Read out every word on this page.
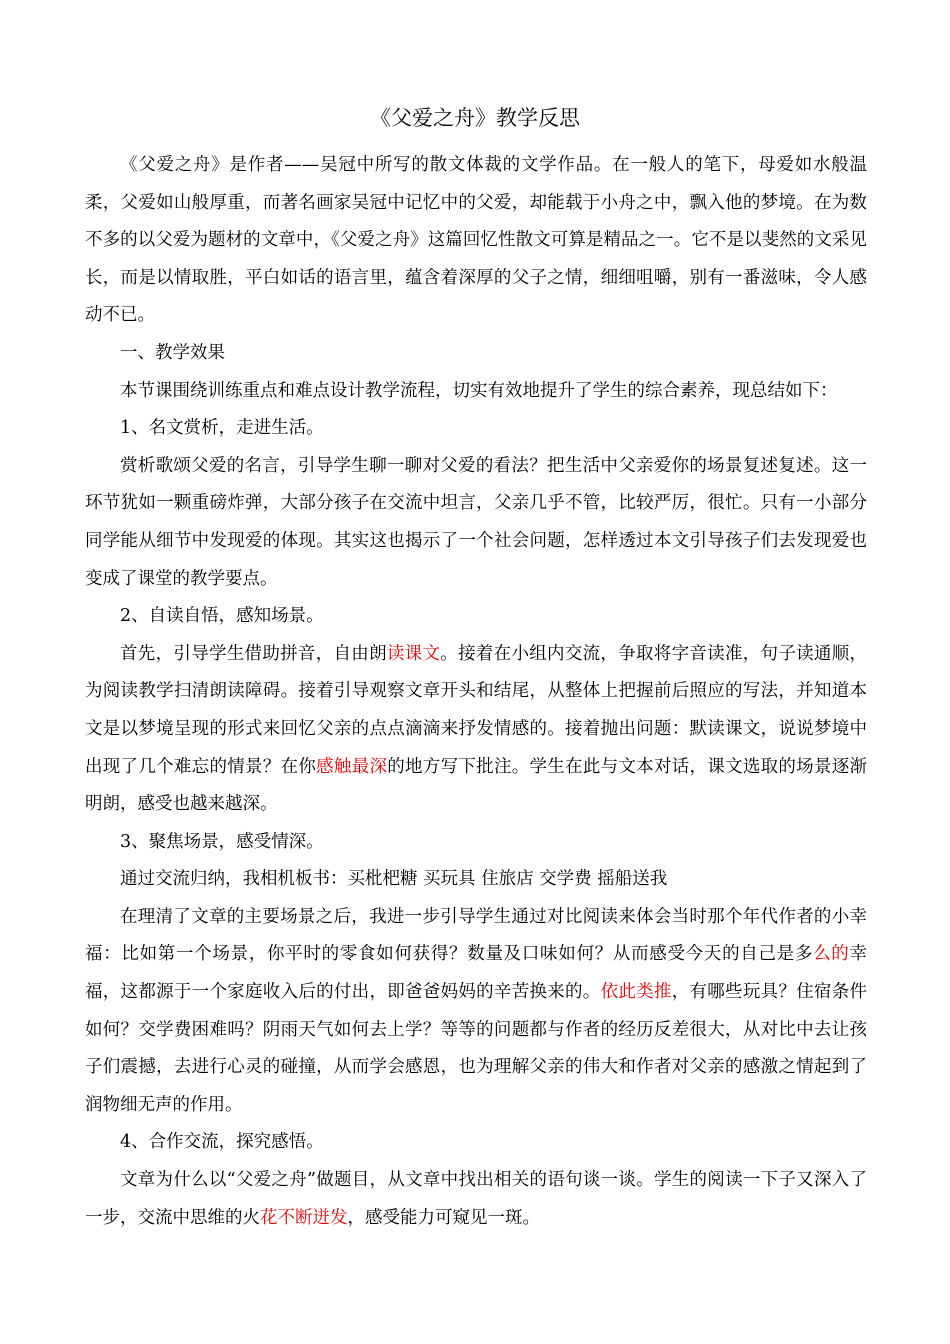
《父爱之舟》教学反思

《父爱之舟》是作者——吴冠中所写的散文体裁的文学作品。在一般人的笔下，母爱如水般温柔，父爱如山般厚重，而著名画家吴冠中记忆中的父爱，却能载于小舟之中，飘入他的梦境。在为数不多的以父爱为题材的文章中，《父爱之舟》这篇回忆性散文可算是精品之一。它不是以斐然的文采见长，而是以情取胜，平白如话的语言里，蕴含着深厚的父子之情，细细咀嚼，别有一番滋味，令人感动不已。

一、教学效果

本节课围绕训练重点和难点设计教学流程，切实有效地提升了学生的综合素养，现总结如下：

1、名文赏析，走进生活。

赏析歌颂父爱的名言，引导学生聊一聊对父爱的看法？把生活中父亲爱你的场景复述复述。这一环节犹如一颗重磅炸弹，大部分孩子在交流中坦言，父亲几乎不管，比较严厉，很忙。只有一小部分同学能从细节中发现爱的体现。其实这也揭示了一个社会问题，怎样透过本文引导孩子们去发现爱也变成了课堂的教学要点。

2、自读自悟，感知场景。

首先，引导学生借助拼音，自由朗读课文。接着在小组内交流，争取将字音读准，句子读通顺，为阅读教学扫清朗读障碍。接着引导观察文章开头和结尾，从整体上把握前后照应的写法，并知道本文是以梦境呈现的形式来回忆父亲的点点滴滴来抒发情感的。接着抛出问题：默读课文，说说梦境中出现了几个难忘的情景？在你感触最深的地方写下批注。学生在此与文本对话，课文选取的场景逐渐明朗，感受也越来越深。

3、聚焦场景，感受情深。

通过交流归纳，我相机板书：买枇杷糖 买玩具 住旅店 交学费 摇船送我

在理清了文章的主要场景之后，我进一步引导学生通过对比阅读来体会当时那个年代作者的小幸福：比如第一个场景，你平时的零食如何获得？数量及口味如何？从而感受今天的自己是多么的幸福，这都源于一个家庭收入后的付出，即爸爸妈妈的辛苦换来的。依此类推，有哪些玩具？住宿条件如何？交学费困难吗？阴雨天气如何去上学？等等的问题都与作者的经历反差很大，从对比中去让孩子们震撼，去进行心灵的碰撞，从而学会感恩，也为理解父亲的伟大和作者对父亲的感激之情起到了润物细无声的作用。

4、合作交流，探究感悟。

文章为什么以“父爱之舟”做题目，从文章中找出相关的语句谈一谈。学生的阅读一下子又深入了一步，交流中思维的火花不断迸发，感受能力可窥见一斑。
